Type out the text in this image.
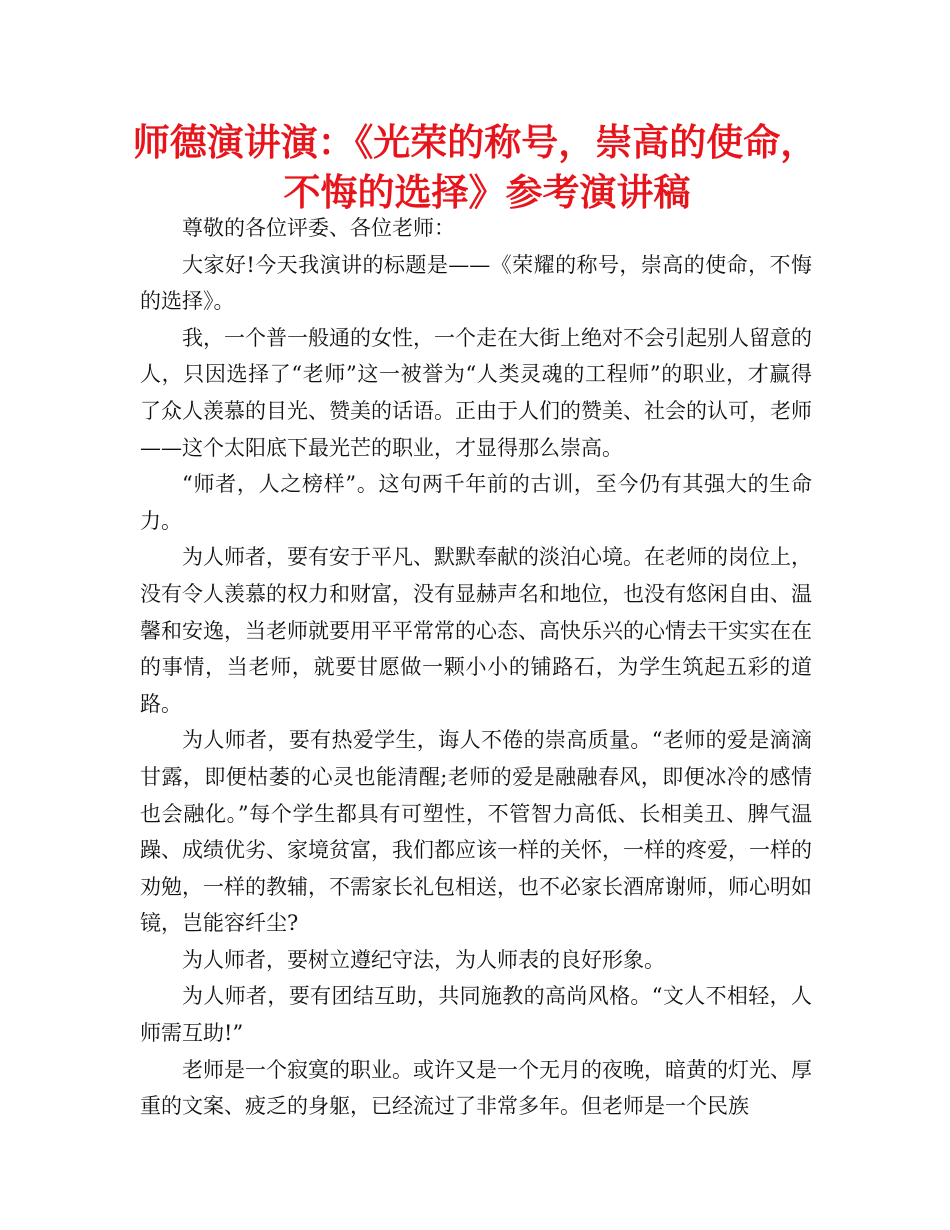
师德演讲演：《光荣的称号，崇高的使命，
不悔的选择》参考演讲稿

尊敬的各位评委、各位老师：

大家好!今天我演讲的标题是——《荣耀的称号，崇高的使命，不悔的选择》。

我，一个普一般通的女性，一个走在大街上绝对不会引起别人留意的人，只因选择了“老师”这一被誉为“人类灵魂的工程师”的职业，才赢得了众人羡慕的目光、赞美的话语。正由于人们的赞美、社会的认可，老师——这个太阳底下最光芒的职业，才显得那么崇高。

“师者，人之榜样”。这句两千年前的古训，至今仍有其强大的生命力。

为人师者，要有安于平凡、默默奉献的淡泊心境。在老师的岗位上，没有令人羡慕的权力和财富，没有显赫声名和地位，也没有悠闲自由、温馨和安逸，当老师就要用平平常常的心态、高快乐兴的心情去干实实在在的事情，当老师，就要甘愿做一颗小小的铺路石，为学生筑起五彩的道路。

为人师者，要有热爱学生，诲人不倦的崇高质量。“老师的爱是滴滴甘露，即便枯萎的心灵也能清醒;老师的爱是融融春风，即便冰冷的感情也会融化。”每个学生都具有可塑性，不管智力高低、长相美丑、脾气温躁、成绩优劣、家境贫富，我们都应该一样的关怀，一样的疼爱，一样的劝勉，一样的教辅，不需家长礼包相送，也不必家长酒席谢师，师心明如镜，岂能容纤尘?

为人师者，要树立遵纪守法，为人师表的良好形象。

为人师者，要有团结互助，共同施教的高尚风格。“文人不相轻，人师需互助!”

老师是一个寂寞的职业。或许又是一个无月的夜晚，暗黄的灯光、厚重的文案、疲乏的身躯，已经流过了非常多年。但老师是一个民族
